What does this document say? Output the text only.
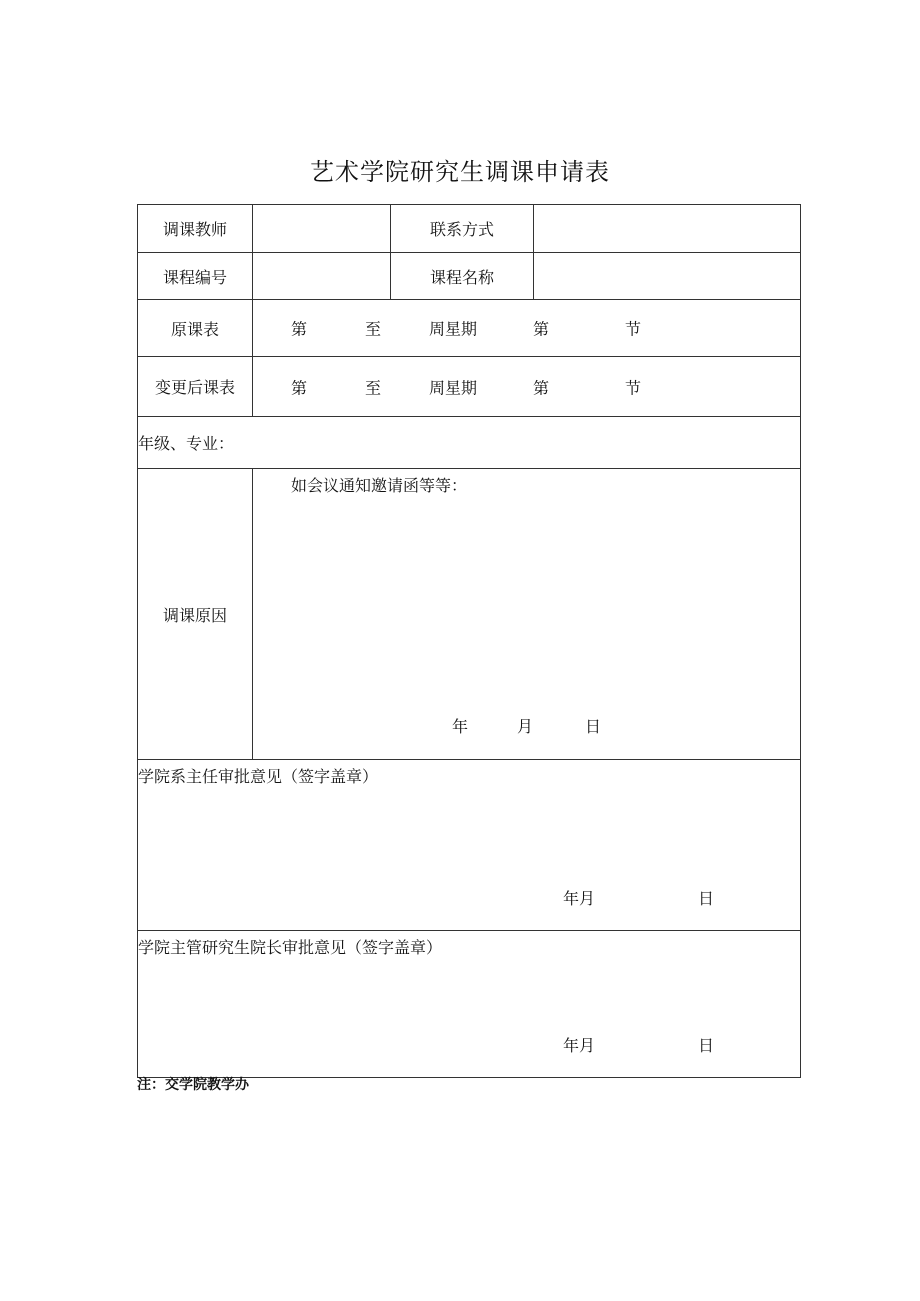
艺术学院研究生调课申请表
调课教师		联系方式	
课程编号		课程名称	
原课表	第 至 周星期 第 节		

变更后课表	第 至 周星期 第 节		

年级、专业：			
调课原因	如会议通知邀请函等等：
年 月 日		

学院系主任审批意见（签字盖章）
年月 日			

学院主管研究生院长审批意见（签字盖章）
年月 日			
注：交学院教学办
